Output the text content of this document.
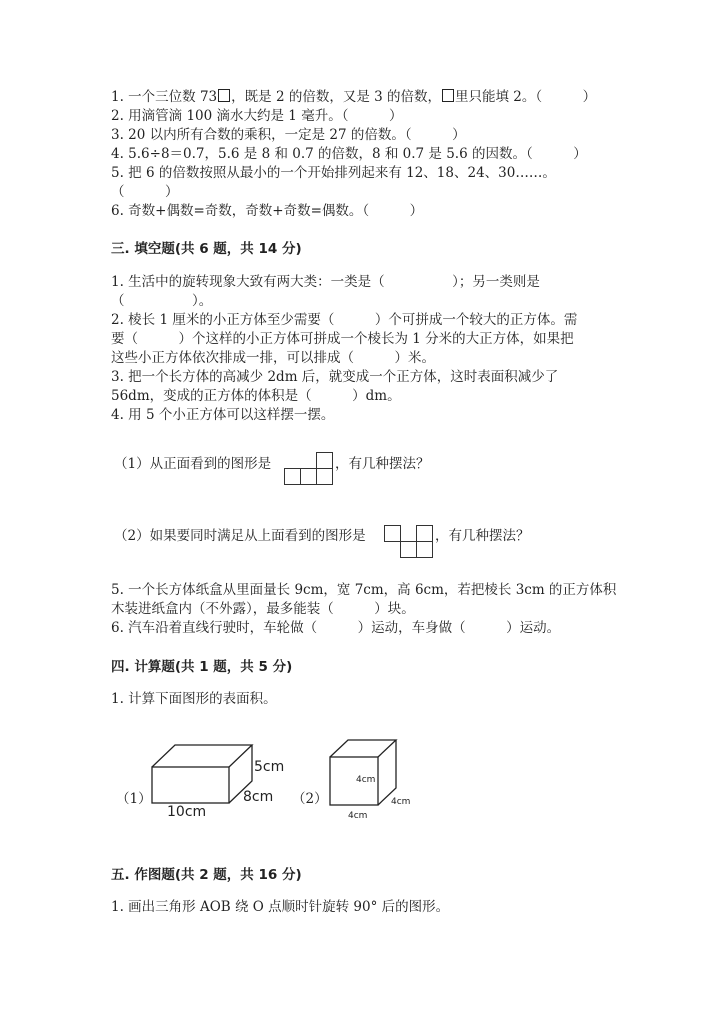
1. 一个三位数 73 ，既是 2 的倍数，又是 3 的倍数， 里只能填 2。（　　　）
2. 用滴管滴 100 滴水大约是 1 毫升。（　　　）
3. 20 以内所有合数的乘积，一定是 27 的倍数。（　　　）
4. 5.6÷8＝0.7，5.6 是 8 和 0.7 的倍数，8 和 0.7 是 5.6 的因数。（　　　）
5. 把 6 的倍数按照从最小的一个开始排列起来有 12、18、24、30……。
（　　　）
6. 奇数+偶数=奇数，奇数+奇数=偶数。（　　　）
三. 填空题(共 6 题，共 14 分)
1. 生活中的旋转现象大致有两大类：一类是（　　　　　）；另一类则是
（　　　　　）。
2. 棱长 1 厘米的小正方体至少需要（　　　）个可拼成一个较大的正方体。需
要（　　　）个这样的小正方体可拼成一个棱长为 1 分米的大正方体，如果把
这些小正方体依次排成一排，可以排成（　　　）米。
3. 把一个长方体的高减少 2dm 后，就变成一个正方体，这时表面积减少了
56dm，变成的正方体的体积是（　　　）dm。
4. 用 5 个小正方体可以这样摆一摆。
（1）从正面看到的图形是	，有几种摆法？
（2）如果要同时满足从上面看到的图形是	，有几种摆法？
5. 一个长方体纸盒从里面量长 9cm，宽 7cm，高 6cm，若把棱长 3cm 的正方体积
木装进纸盒内（不外露），最多能装（　　　）块。
6. 汽车沿着直线行驶时，车轮做（　　　）运动，车身做（　　　）运动。
四. 计算题(共 1 题，共 5 分)
1. 计算下面图形的表面积。
（1）
5cm
8cm
10cm
（2）
4cm
4cm
4cm
五. 作图题(共 2 题，共 16 分)
1. 画出三角形 AOB 绕 O 点顺时针旋转 90° 后的图形。
